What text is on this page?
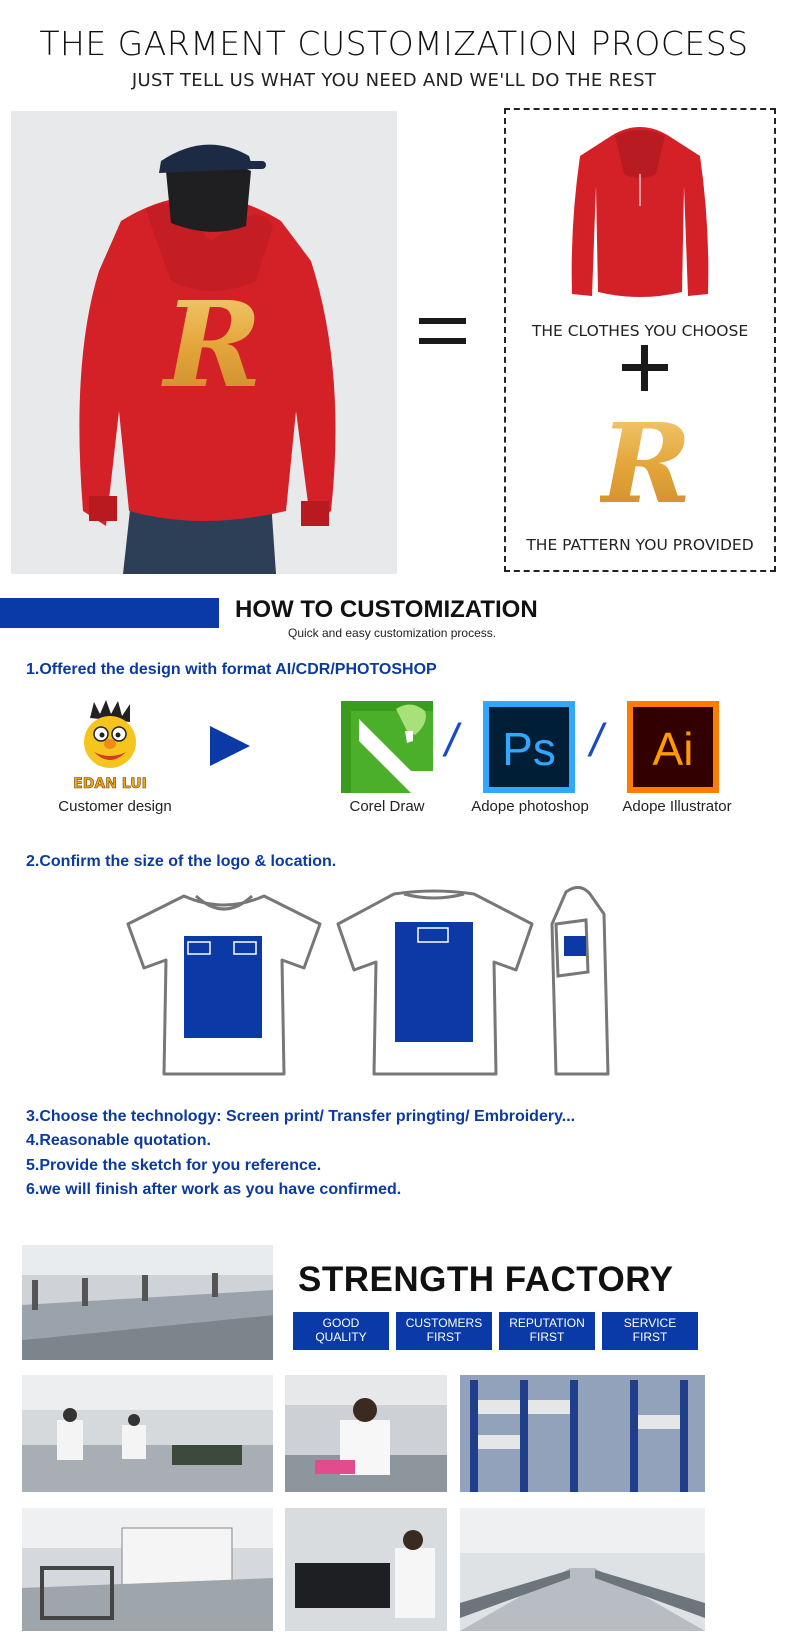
THE GARMENT CUSTOMIZATION PROCESS
JUST TELL US WHAT YOU NEED AND WE'LL DO THE REST
R	THE CLOTHES YOU CHOOSE
R
THE PATTERN YOU PROVIDED
HOW TO CUSTOMIZATION
Quick and easy customization process.
1.Offered the design with format AI/CDR/PHOTOSHOP
EDAN LUI
Customer design	Corel Draw
/ Ps
Adope photoshop
/ Ai
Adope Illustrator
2.Confirm the size of the logo & location.
3.Choose the technology: Screen print/ Transfer pringting/ Embroidery...
4.Reasonable quotation.
5.Provide the sketch for you reference.
6.we will finish after work as you have confirmed.
STRENGTH FACTORY
GOOD
QUALITY
CUSTOMERS
FIRST
REPUTATION
FIRST
SERVICE
FIRST
